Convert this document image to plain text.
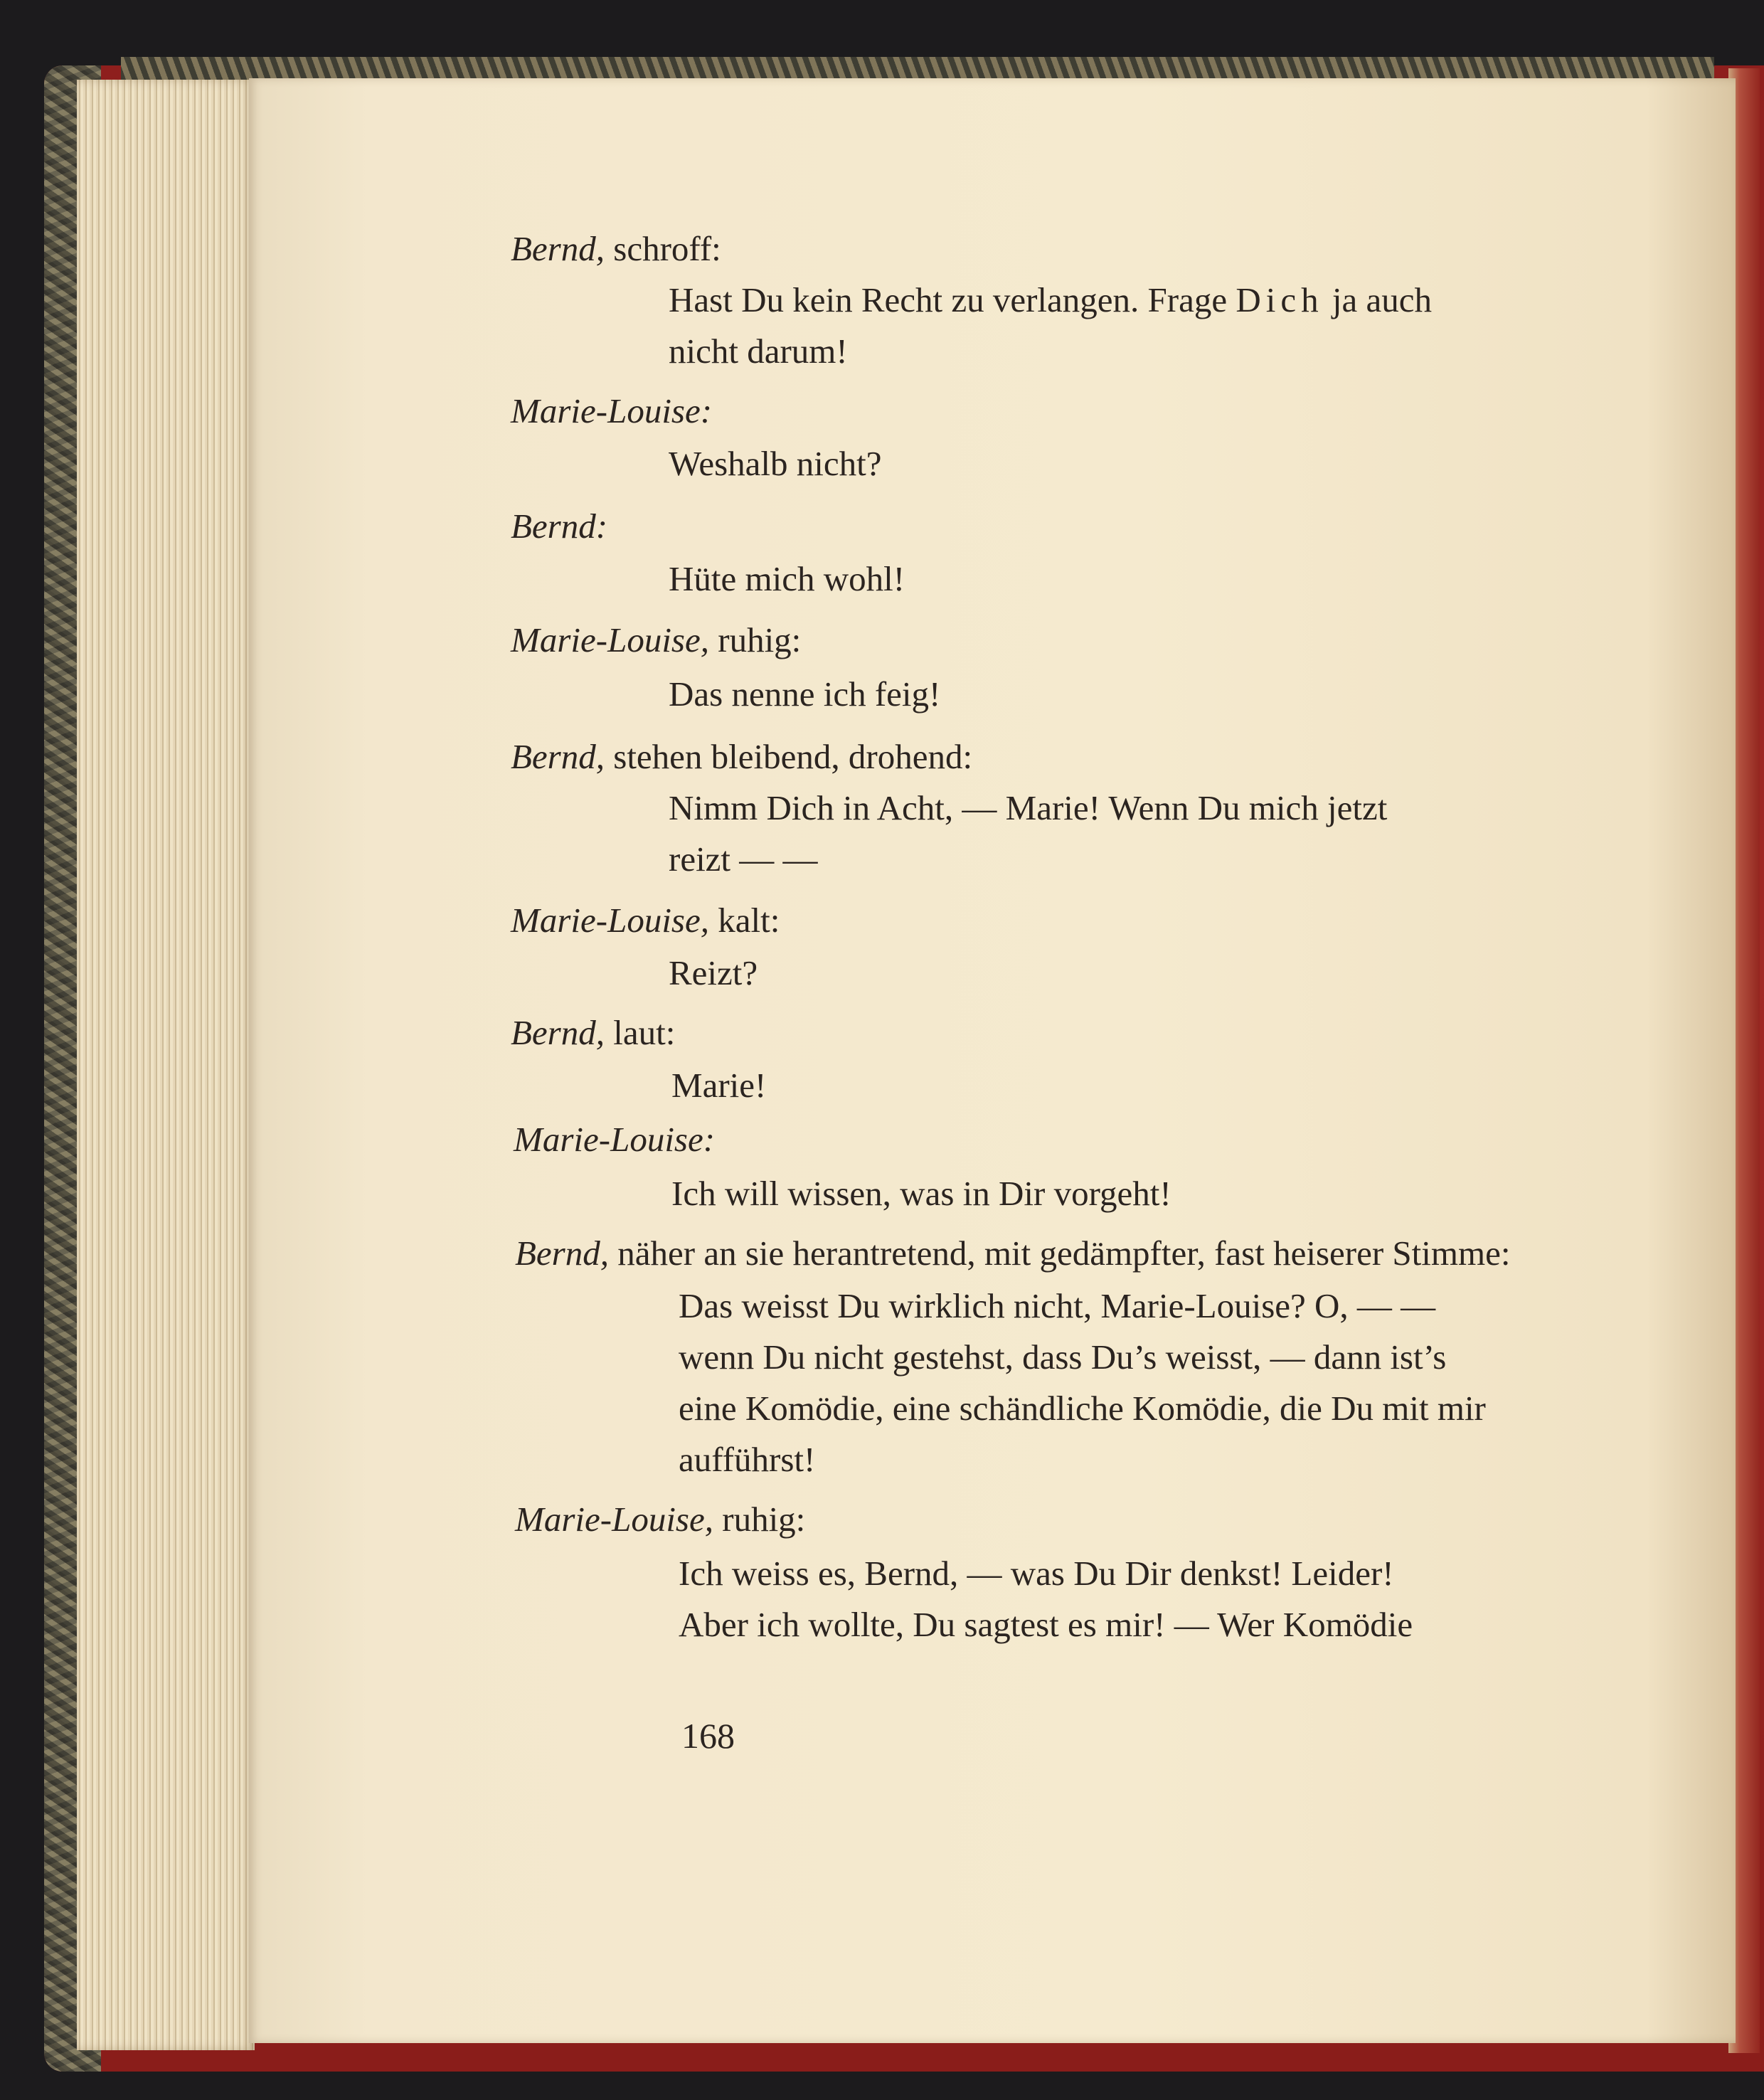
Bernd, schroff:
Hast Du kein Recht zu verlangen. Frage Dich ja auch
nicht darum!
Marie-Louise:
Weshalb nicht?
Bernd:
Hüte mich wohl!
Marie-Louise, ruhig:
Das nenne ich feig!
Bernd, stehen bleibend, drohend:
Nimm Dich in Acht, — Marie! Wenn Du mich jetzt
reizt — —
Marie-Louise, kalt:
Reizt?
Bernd, laut:
Marie!
Marie-Louise:
Ich will wissen, was in Dir vorgeht!
Bernd, näher an sie herantretend, mit gedämpfter, fast heiserer Stimme:
Das weisst Du wirklich nicht, Marie-Louise? O, — —
wenn Du nicht gestehst, dass Du’s weisst, — dann ist’s
eine Komödie, eine schändliche Komödie, die Du mit mir
aufführst!
Marie-Louise, ruhig:
Ich weiss es, Bernd, — was Du Dir denkst! Leider!
Aber ich wollte, Du sagtest es mir! — Wer Komödie
168
